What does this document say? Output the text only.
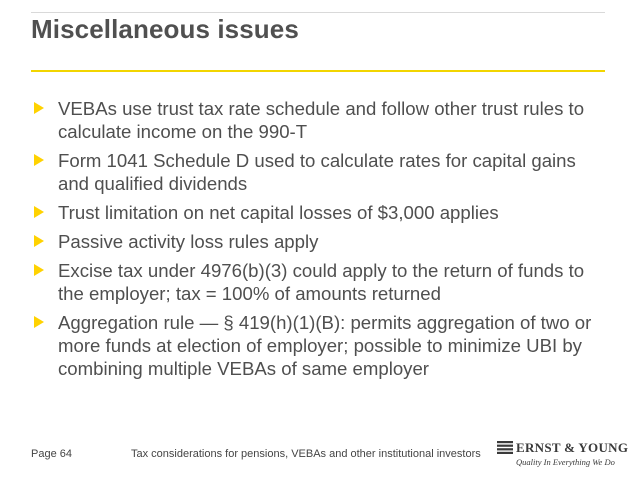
Miscellaneous issues
VEBAs use trust tax rate schedule and follow other trust rules to calculate income on the 990-T
Form 1041 Schedule D used to calculate rates for capital gains and qualified dividends
Trust limitation on net capital losses of $3,000 applies
Passive activity loss rules apply
Excise tax under 4976(b)(3) could apply to the return of funds to the employer; tax = 100% of amounts returned
Aggregation rule — § 419(h)(1)(B): permits aggregation of two or more funds at election of employer; possible to minimize UBI by combining multiple VEBAs of same employer
Page 64	Tax considerations for pensions, VEBAs and other institutional investors	ERNST & YOUNG
Quality In Everything We Do
